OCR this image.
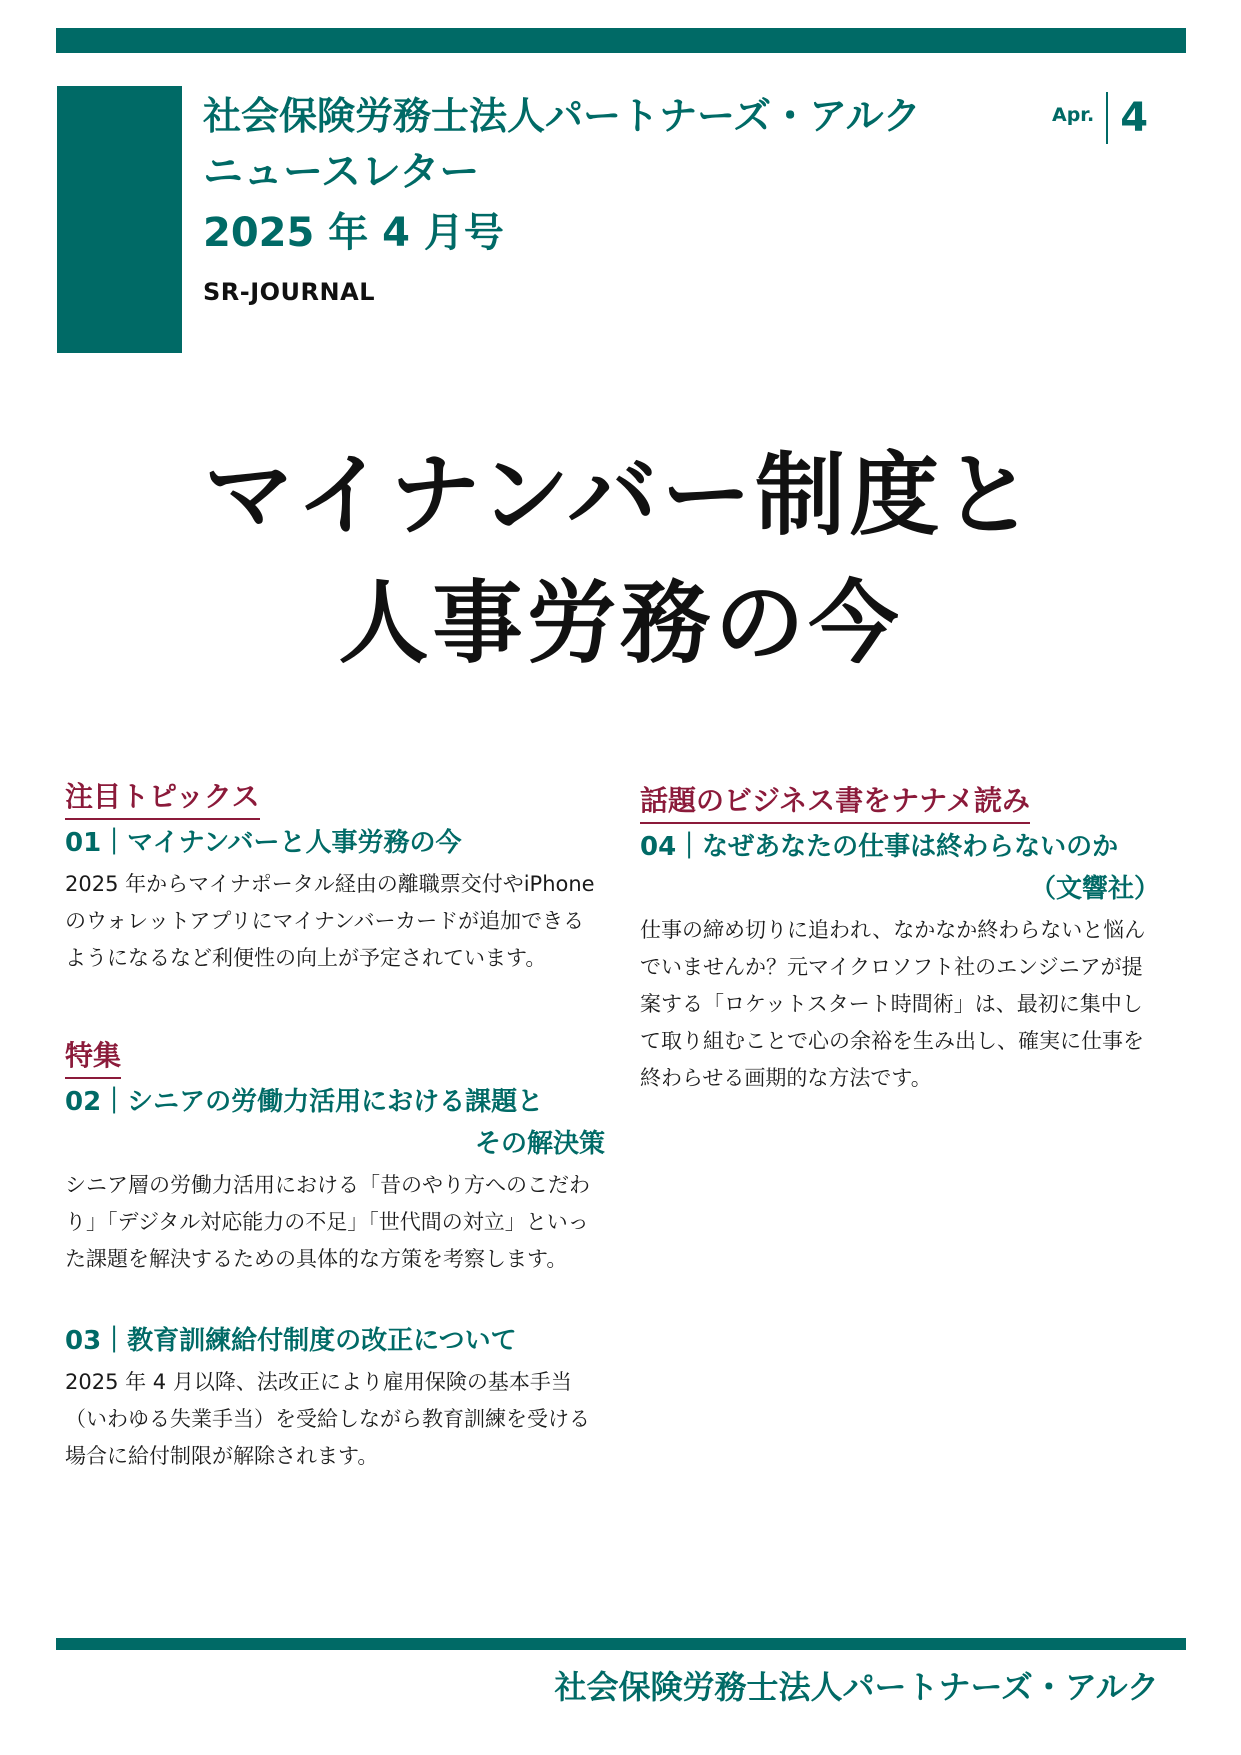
社会保険労務士法人パートナーズ・アルク
ニュースレター
2025 年 4 月号
SR-JOURNAL
Apr. 4
マイナンバー制度と
人事労務の今
注目トピックス
01｜マイナンバーと人事労務の今
2025 年からマイナポータル経由の離職票交付やiPhone のウォレットアプリにマイナンバーカードが追加できるようになるなど利便性の向上が予定されています。
特集
02｜シニアの労働力活用における課題と
その解決策
シニア層の労働力活用における「昔のやり方へのこだわり」「デジタル対応能力の不足」「世代間の対立」といった課題を解決するための具体的な方策を考察します。
03｜教育訓練給付制度の改正について
2025 年 4 月以降、法改正により雇用保険の基本手当（いわゆる失業手当）を受給しながら教育訓練を受ける場合に給付制限が解除されます。
話題のビジネス書をナナメ読み
04｜なぜあなたの仕事は終わらないのか
（文響社）
仕事の締め切りに追われ、なかなか終わらないと悩んでいませんか？元マイクロソフト社のエンジニアが提案する「ロケットスタート時間術」は、最初に集中して取り組むことで心の余裕を生み出し、確実に仕事を終わらせる画期的な方法です。
社会保険労務士法人パートナーズ・アルク
